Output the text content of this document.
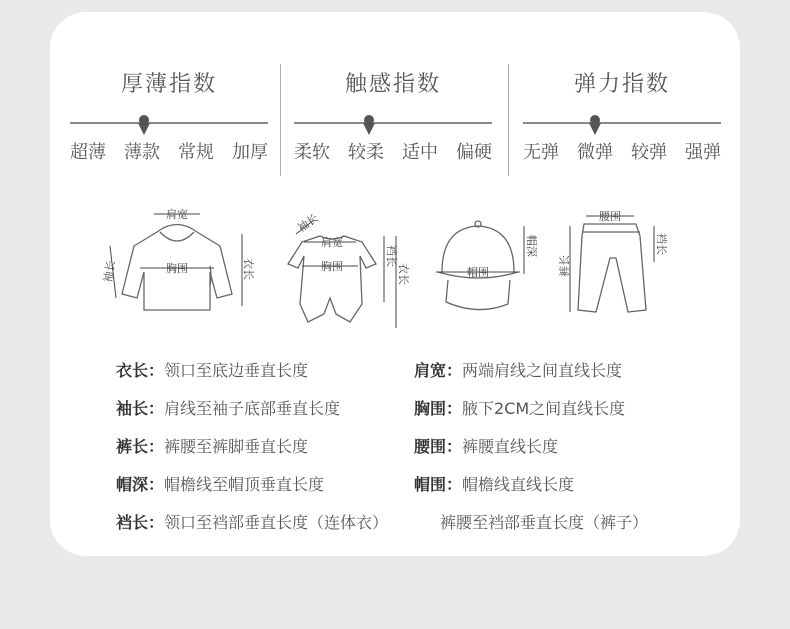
厚薄指数
超薄 薄款 常规 加厚
触感指数
柔软 较柔 适中 偏硬
弹力指数
无弹 微弹 较弹 强弹
肩宽
胸围	衣长
袖长
袖长
肩宽
胸围	裆长
衣长	帽围
帽深
腰围
裤长
裆长
衣长：领口至底边垂直长度	肩宽：两端肩线之间直线长度
袖长：肩线至袖子底部垂直长度	胸围：腋下2CM之间直线长度
裤长：裤腰至裤脚垂直长度	腰围：裤腰直线长度
帽深：帽檐线至帽顶垂直长度	帽围：帽檐线直线长度
裆长：领口至裆部垂直长度（连体衣）	裤腰至裆部垂直长度（裤子）
